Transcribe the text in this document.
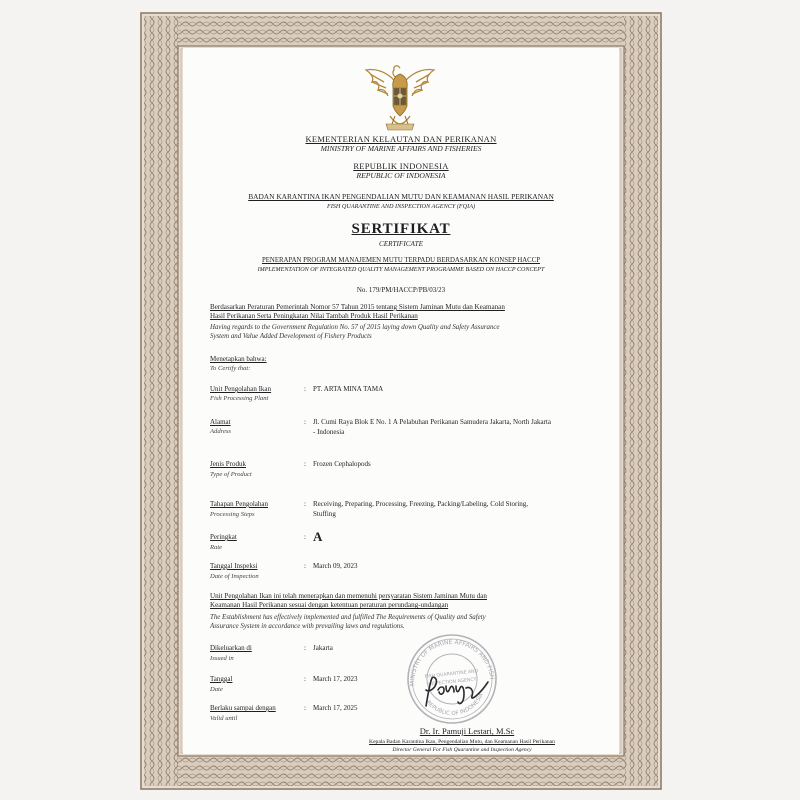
KEMENTERIAN KELAUTAN DAN PERIKANAN
MINISTRY OF MARINE AFFAIRS AND FISHERIES
REPUBLIK INDONESIA
REPUBLIC OF INDONESIA
BADAN KARANTINA IKAN PENGENDALIAN MUTU DAN KEAMANAN HASIL PERIKANAN
FISH QUARANTINE AND INSPECTION AGENCY (FQIA)
SERTIFIKAT
CERTIFICATE
PENERAPAN PROGRAM MANAJEMEN MUTU TERPADU BERDASARKAN KONSEP HACCP
IMPLEMENTATION OF INTEGRATED QUALITY MANAGEMENT PROGRAMME BASED ON HACCP CONCEPT
No. 179/PM/HACCP/PB/03/23
Berdasarkan Peraturan Pemerintah Nomor 57 Tahun 2015 tentang Sistem Jaminan Mutu dan Keamanan
Hasil Perikanan Serta Peningkatan Nilai Tambah Produk Hasil Perikanan
Having regards to the Government Regulation No. 57 of 2015 laying down Quality and Safety Assurance
System and Value Added Development of Fishery Products
Menetapkan bahwa:
To Certify that:
Unit Pengolahan Ikan
Fish Processing Plant
: PT. ARTA MINA TAMA
Alamat
Address
: Jl. Cumi Raya Blok E No. 1 A Pelabuhan Perikanan Samudera Jakarta, North Jakarta
- Indonesia
Jenis Produk
Type of Product
: Frozen Cephalopods
Tahapan Pengolahan
Processing Steps
: Receiving, Preparing, Processing, Freezing, Packing/Labeling, Cold Storing,
Stuffing
Peringkat
Rate
: A
Tanggal Inspeksi
Date of Inspection
: March 09, 2023
Unit Pengolahan Ikan ini telah menerapkan dan memenuhi persyaratan Sistem Jaminan Mutu dan
Keamanan Hasil Perikanan sesuai dengan ketentuan peraturan perundang-undangan
The Establishment has effectively implemented and fulfilled The Requirements of Quality and Safety
Assurance System in accordance with prevailing laws and regulations.
Dikeluarkan di
Issued in
: Jakarta
Tanggal
Date
: March 17, 2023
Berlaku sampai dengan
Valid until
: March 17, 2025
MINISTRY OF MARINE AFFAIRS AND FISHERIES
FISH QUARANTINE AND
INSPECTION AGENCY
REPUBLIC OF INDONESIA
Dr. Ir. Pamuji Lestari, M.Sc
Kepala Badan Karantina Ikan, Pengendalian Mutu, dan Keamanan Hasil Perikanan
Director General For Fish Quarantine and Inspection Agency
